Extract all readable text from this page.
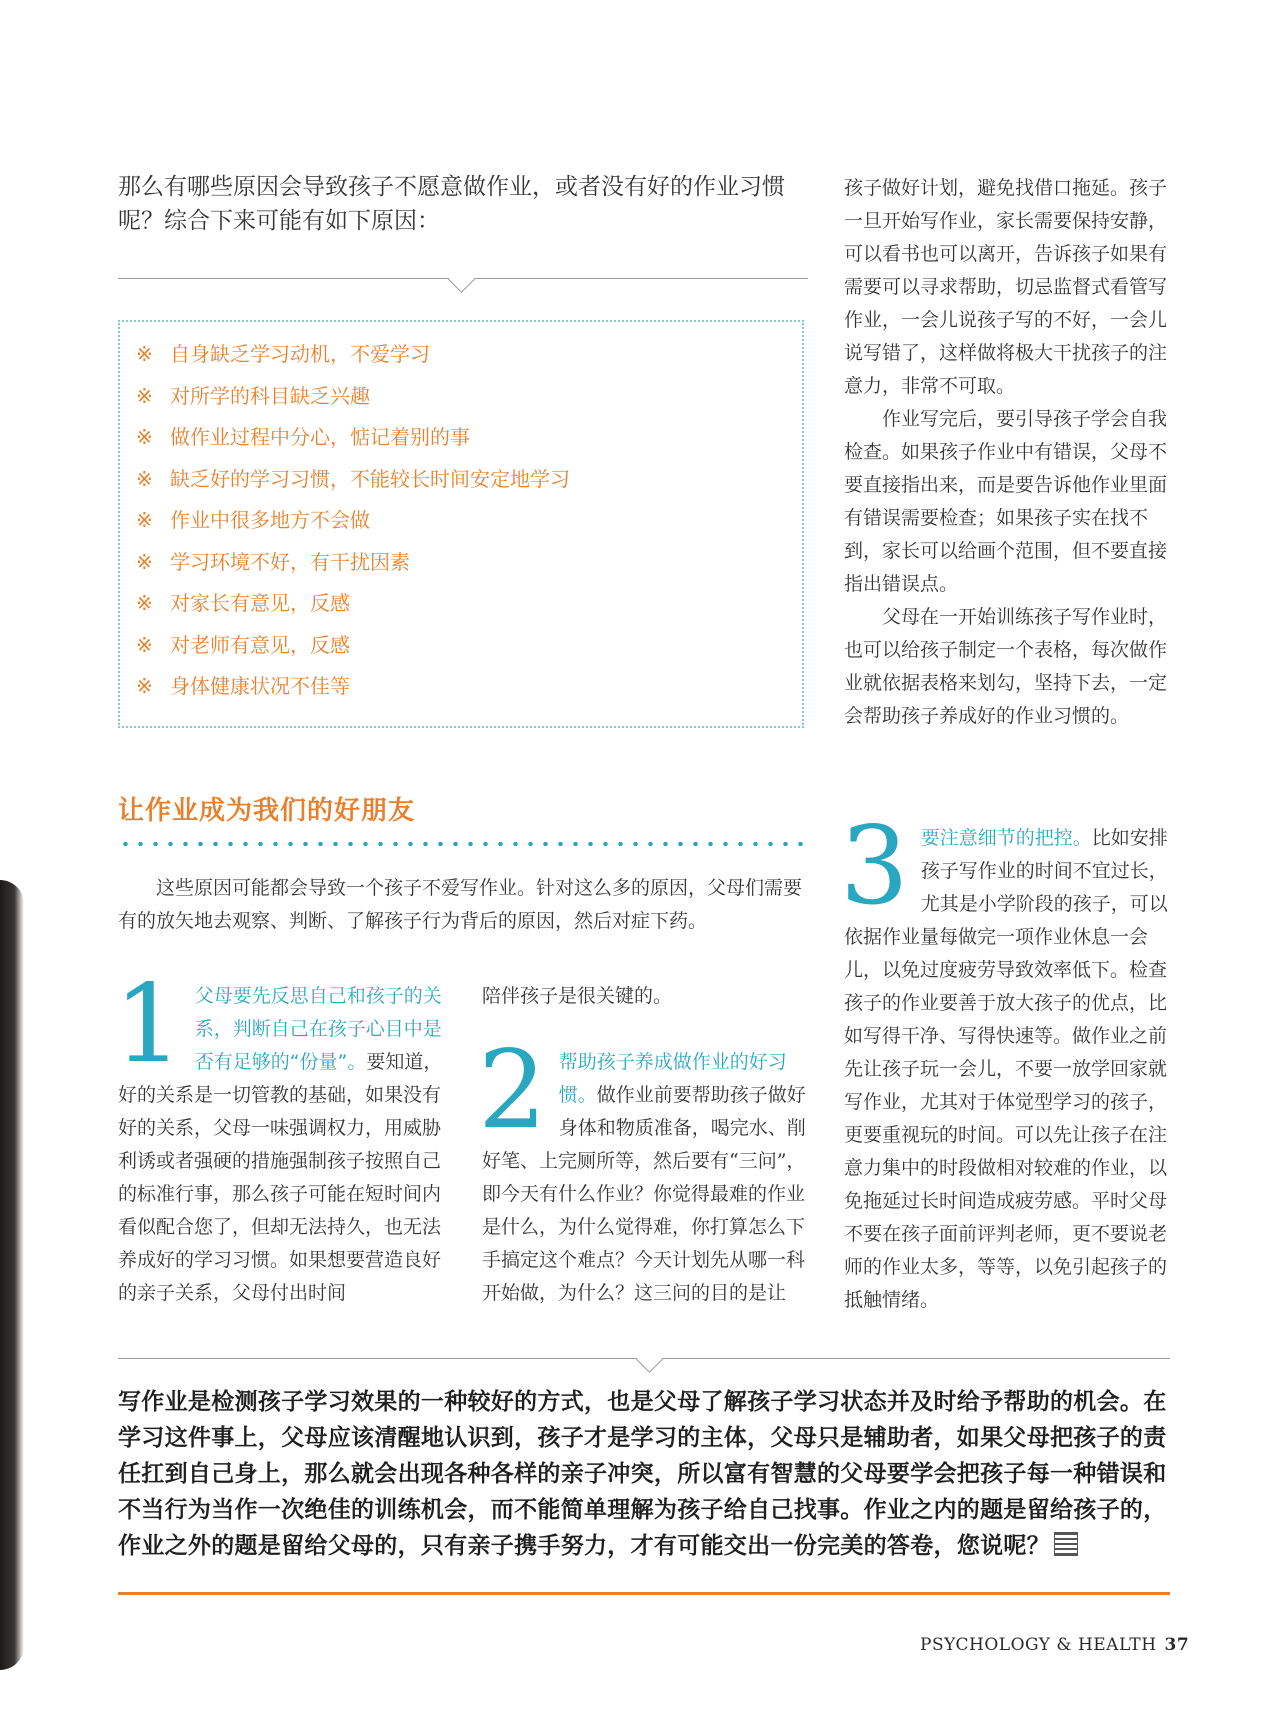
那么有哪些原因会导致孩子不愿意做作业，或者没有好的作业习惯呢？综合下来可能有如下原因：
※ 自身缺乏学习动机，不爱学习
※ 对所学的科目缺乏兴趣
※ 做作业过程中分心，惦记着别的事
※ 缺乏好的学习习惯，不能较长时间安定地学习
※ 作业中很多地方不会做
※ 学习环境不好，有干扰因素
※ 对家长有意见，反感
※ 对老师有意见，反感
※ 身体健康状况不佳等
让作业成为我们的好朋友
这些原因可能都会导致一个孩子不爱写作业。针对这么多的原因，父母们需要有的放矢地去观察、判断、了解孩子行为背后的原因，然后对症下药。
1 父母要先反思自己和孩子的关系，判断自己在孩子心目中是否有足够的“份量”。要知道，好的关系是一切管教的基础，如果没有好的关系，父母一味强调权力，用威胁利诱或者强硬的措施强制孩子按照自己的标准行事，那么孩子可能在短时间内看似配合您了，但却无法持久，也无法养成好的学习习惯。如果想要营造良好的亲子关系，父母付出时间
陪伴孩子是很关键的。
2 帮助孩子养成做作业的好习惯。做作业前要帮助孩子做好身体和物质准备，喝完水、削好笔、上完厕所等，然后要有“三问”，即今天有什么作业？你觉得最难的作业是什么，为什么觉得难，你打算怎么下手搞定这个难点？今天计划先从哪一科开始做，为什么？这三问的目的是让

孩子做好计划，避免找借口拖延。孩子一旦开始写作业，家长需要保持安静，可以看书也可以离开，告诉孩子如果有需要可以寻求帮助，切忌监督式看管写作业，一会儿说孩子写的不好，一会儿说写错了，这样做将极大干扰孩子的注意力，非常不可取。

作业写完后，要引导孩子学会自我检查。如果孩子作业中有错误，父母不要直接指出来，而是要告诉他作业里面有错误需要检查；如果孩子实在找不到，家长可以给画个范围，但不要直接指出错误点。

父母在一开始训练孩子写作业时，也可以给孩子制定一个表格，每次做作业就依据表格来划勾，坚持下去，一定会帮助孩子养成好的作业习惯的。

3 要注意细节的把控。比如安排孩子写作业的时间不宜过长，尤其是小学阶段的孩子，可以依据作业量每做完一项作业休息一会儿，以免过度疲劳导致效率低下。检查孩子的作业要善于放大孩子的优点，比如写得干净、写得快速等。做作业之前先让孩子玩一会儿，不要一放学回家就写作业，尤其对于体觉型学习的孩子，更要重视玩的时间。可以先让孩子在注意力集中的时段做相对较难的作业，以免拖延过长时间造成疲劳感。平时父母不要在孩子面前评判老师，更不要说老师的作业太多，等等，以免引起孩子的抵触情绪。
写作业是检测孩子学习效果的一种较好的方式，也是父母了解孩子学习状态并及时给予帮助的机会。在学习这件事上，父母应该清醒地认识到，孩子才是学习的主体，父母只是辅助者，如果父母把孩子的责任扛到自己身上，那么就会出现各种各样的亲子冲突，所以富有智慧的父母要学会把孩子每一种错误和不当行为当作一次绝佳的训练机会，而不能简单理解为孩子给自己找事。作业之内的题是留给孩子的，作业之外的题是留给父母的，只有亲子携手努力，才有可能交出一份完美的答卷，您说呢？
PSYCHOLOGY & HEALTH 37
